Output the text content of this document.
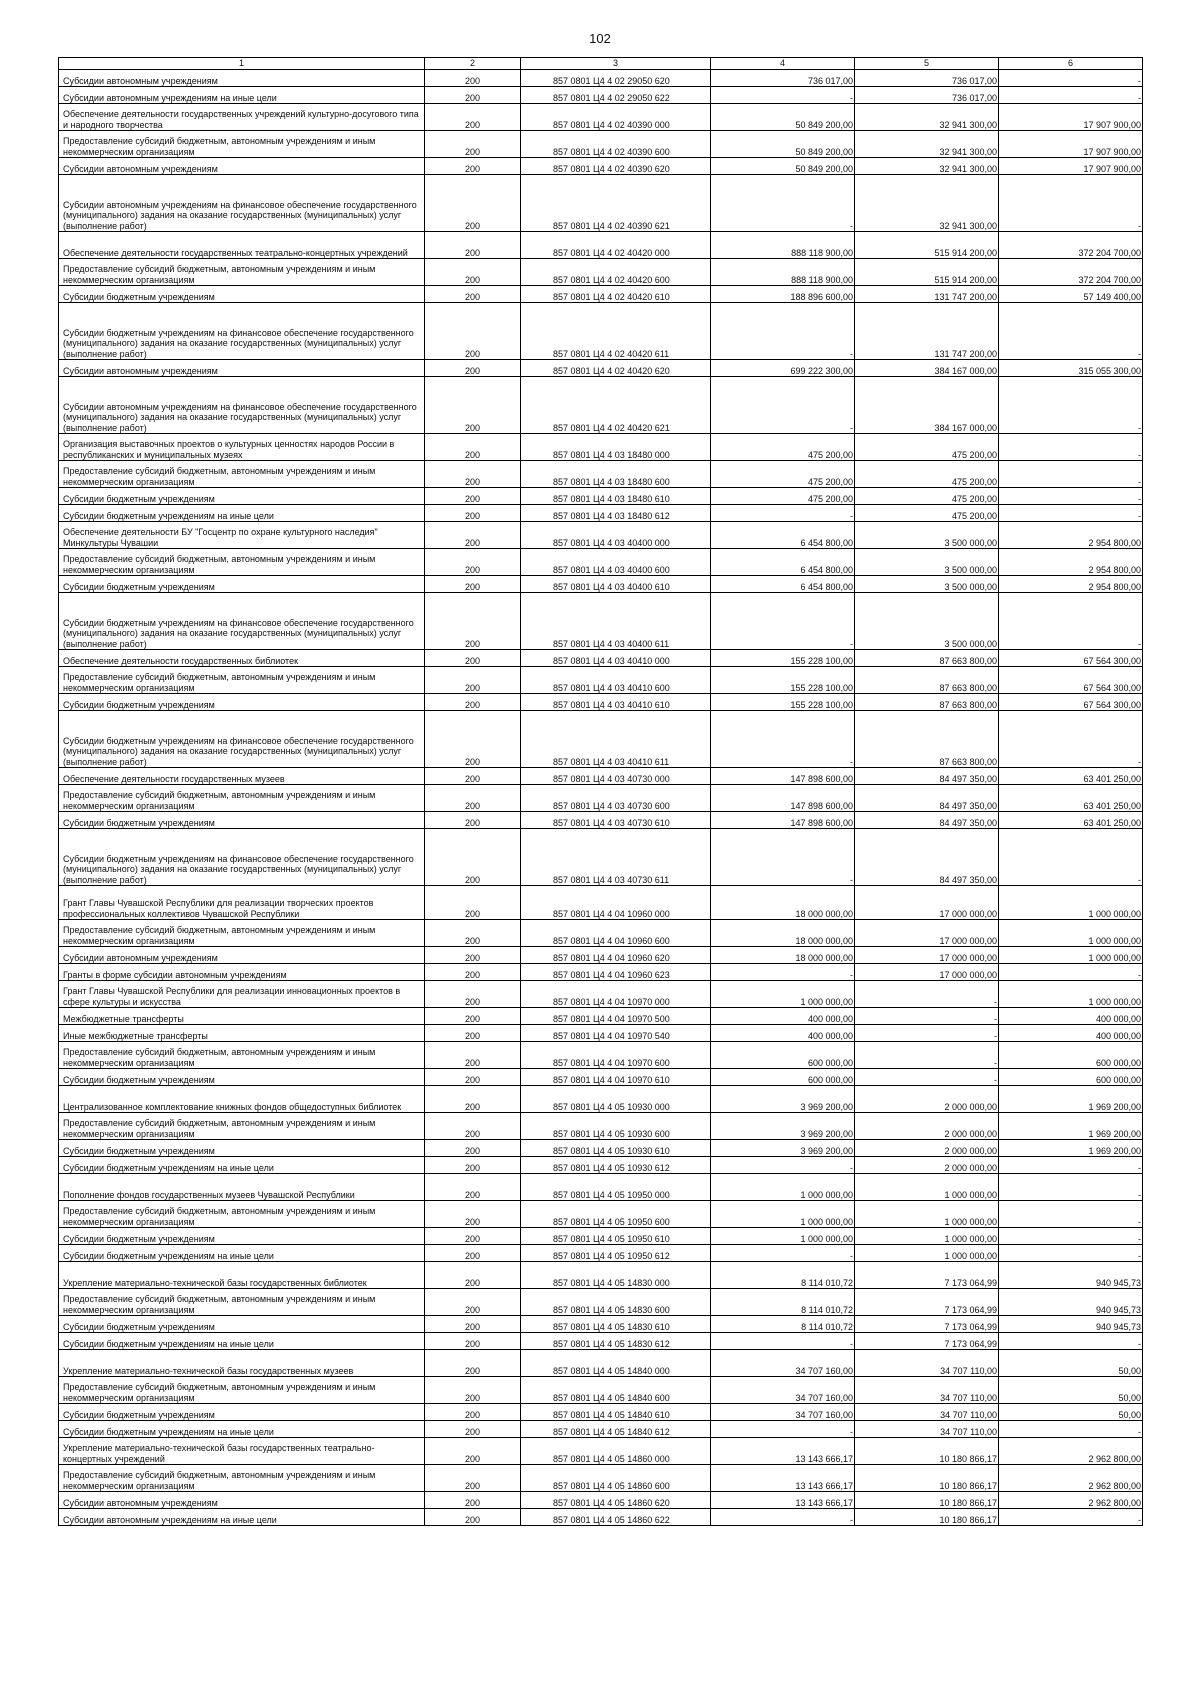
102
1	2	3	4	5	6
Субсидии автономным учреждениям	200	857 0801 Ц4 4 02 29050 620	736 017,00	736 017,00	-
Субсидии автономным учреждениям на иные цели	200	857 0801 Ц4 4 02 29050 622	-	736 017,00	-
Обеспечение деятельности государственных учреждений культурно-досугового типа и народного творчества	200	857 0801 Ц4 4 02 40390 000	50 849 200,00	32 941 300,00	17 907 900,00
Предоставление субсидий бюджетным, автономным учреждениям и иным некоммерческим организациям	200	857 0801 Ц4 4 02 40390 600	50 849 200,00	32 941 300,00	17 907 900,00
Субсидии автономным учреждениям	200	857 0801 Ц4 4 02 40390 620	50 849 200,00	32 941 300,00	17 907 900,00
Субсидии автономным учреждениям на финансовое обеспечение государственного (муниципального) задания на оказание государственных (муниципальных) услуг (выполнение работ)	200	857 0801 Ц4 4 02 40390 621	-	32 941 300,00	-
Обеспечение деятельности государственных театрально-концертных учреждений	200	857 0801 Ц4 4 02 40420 000	888 118 900,00	515 914 200,00	372 204 700,00
Предоставление субсидий бюджетным, автономным учреждениям и иным некоммерческим организациям	200	857 0801 Ц4 4 02 40420 600	888 118 900,00	515 914 200,00	372 204 700,00
Субсидии бюджетным учреждениям	200	857 0801 Ц4 4 02 40420 610	188 896 600,00	131 747 200,00	57 149 400,00
Субсидии бюджетным учреждениям на финансовое обеспечение государственного (муниципального) задания на оказание государственных (муниципальных) услуг (выполнение работ)	200	857 0801 Ц4 4 02 40420 611	-	131 747 200,00	-
Субсидии автономным учреждениям	200	857 0801 Ц4 4 02 40420 620	699 222 300,00	384 167 000,00	315 055 300,00
Субсидии автономным учреждениям на финансовое обеспечение государственного (муниципального) задания на оказание государственных (муниципальных) услуг (выполнение работ)	200	857 0801 Ц4 4 02 40420 621	-	384 167 000,00	-
Организация выставочных проектов о культурных ценностях народов России в республиканских и муниципальных музеях	200	857 0801 Ц4 4 03 18480 000	475 200,00	475 200,00	-
Предоставление субсидий бюджетным, автономным учреждениям и иным некоммерческим организациям	200	857 0801 Ц4 4 03 18480 600	475 200,00	475 200,00	-
Субсидии бюджетным учреждениям	200	857 0801 Ц4 4 03 18480 610	475 200,00	475 200,00	-
Субсидии бюджетным учреждениям на иные цели	200	857 0801 Ц4 4 03 18480 612	-	475 200,00	-
Обеспечение деятельности БУ "Госцентр по охране культурного наследия" Минкультуры Чувашии	200	857 0801 Ц4 4 03 40400 000	6 454 800,00	3 500 000,00	2 954 800,00
Предоставление субсидий бюджетным, автономным учреждениям и иным некоммерческим организациям	200	857 0801 Ц4 4 03 40400 600	6 454 800,00	3 500 000,00	2 954 800,00
Субсидии бюджетным учреждениям	200	857 0801 Ц4 4 03 40400 610	6 454 800,00	3 500 000,00	2 954 800,00
Субсидии бюджетным учреждениям на финансовое обеспечение государственного (муниципального) задания на оказание государственных (муниципальных) услуг (выполнение работ)	200	857 0801 Ц4 4 03 40400 611	-	3 500 000,00	-
Обеспечение деятельности государственных библиотек	200	857 0801 Ц4 4 03 40410 000	155 228 100,00	87 663 800,00	67 564 300,00
Предоставление субсидий бюджетным, автономным учреждениям и иным некоммерческим организациям	200	857 0801 Ц4 4 03 40410 600	155 228 100,00	87 663 800,00	67 564 300,00
Субсидии бюджетным учреждениям	200	857 0801 Ц4 4 03 40410 610	155 228 100,00	87 663 800,00	67 564 300,00
Субсидии бюджетным учреждениям на финансовое обеспечение государственного (муниципального) задания на оказание государственных (муниципальных) услуг (выполнение работ)	200	857 0801 Ц4 4 03 40410 611	-	87 663 800,00	-
Обеспечение деятельности государственных музеев	200	857 0801 Ц4 4 03 40730 000	147 898 600,00	84 497 350,00	63 401 250,00
Предоставление субсидий бюджетным, автономным учреждениям и иным некоммерческим организациям	200	857 0801 Ц4 4 03 40730 600	147 898 600,00	84 497 350,00	63 401 250,00
Субсидии бюджетным учреждениям	200	857 0801 Ц4 4 03 40730 610	147 898 600,00	84 497 350,00	63 401 250,00
Субсидии бюджетным учреждениям на финансовое обеспечение государственного (муниципального) задания на оказание государственных (муниципальных) услуг (выполнение работ)	200	857 0801 Ц4 4 03 40730 611	-	84 497 350,00	-
Грант Главы Чувашской Республики для реализации творческих проектов профессиональных коллективов Чувашской Республики	200	857 0801 Ц4 4 04 10960 000	18 000 000,00	17 000 000,00	1 000 000,00
Предоставление субсидий бюджетным, автономным учреждениям и иным некоммерческим организациям	200	857 0801 Ц4 4 04 10960 600	18 000 000,00	17 000 000,00	1 000 000,00
Субсидии автономным учреждениям	200	857 0801 Ц4 4 04 10960 620	18 000 000,00	17 000 000,00	1 000 000,00
Гранты в форме субсидии автономным учреждениям	200	857 0801 Ц4 4 04 10960 623	-	17 000 000,00	-
Грант Главы Чувашской Республики для реализации инновационных проектов в сфере культуры и искусства	200	857 0801 Ц4 4 04 10970 000	1 000 000,00	-	1 000 000,00
Межбюджетные трансферты	200	857 0801 Ц4 4 04 10970 500	400 000,00	-	400 000,00
Иные межбюджетные трансферты	200	857 0801 Ц4 4 04 10970 540	400 000,00	-	400 000,00
Предоставление субсидий бюджетным, автономным учреждениям и иным некоммерческим организациям	200	857 0801 Ц4 4 04 10970 600	600 000,00	-	600 000,00
Субсидии бюджетным учреждениям	200	857 0801 Ц4 4 04 10970 610	600 000,00	-	600 000,00
Централизованное комплектование книжных фондов общедоступных библиотек	200	857 0801 Ц4 4 05 10930 000	3 969 200,00	2 000 000,00	1 969 200,00
Предоставление субсидий бюджетным, автономным учреждениям и иным некоммерческим организациям	200	857 0801 Ц4 4 05 10930 600	3 969 200,00	2 000 000,00	1 969 200,00
Субсидии бюджетным учреждениям	200	857 0801 Ц4 4 05 10930 610	3 969 200,00	2 000 000,00	1 969 200,00
Субсидии бюджетным учреждениям на иные цели	200	857 0801 Ц4 4 05 10930 612	-	2 000 000,00	-
Пополнение фондов государственных музеев Чувашской Республики	200	857 0801 Ц4 4 05 10950 000	1 000 000,00	1 000 000,00	-
Предоставление субсидий бюджетным, автономным учреждениям и иным некоммерческим организациям	200	857 0801 Ц4 4 05 10950 600	1 000 000,00	1 000 000,00	-
Субсидии бюджетным учреждениям	200	857 0801 Ц4 4 05 10950 610	1 000 000,00	1 000 000,00	-
Субсидии бюджетным учреждениям на иные цели	200	857 0801 Ц4 4 05 10950 612	-	1 000 000,00	-
Укрепление материально-технической базы государственных библиотек	200	857 0801 Ц4 4 05 14830 000	8 114 010,72	7 173 064,99	940 945,73
Предоставление субсидий бюджетным, автономным учреждениям и иным некоммерческим организациям	200	857 0801 Ц4 4 05 14830 600	8 114 010,72	7 173 064,99	940 945,73
Субсидии бюджетным учреждениям	200	857 0801 Ц4 4 05 14830 610	8 114 010,72	7 173 064,99	940 945,73
Субсидии бюджетным учреждениям на иные цели	200	857 0801 Ц4 4 05 14830 612	-	7 173 064,99	-
Укрепление материально-технической базы государственных музеев	200	857 0801 Ц4 4 05 14840 000	34 707 160,00	34 707 110,00	50,00
Предоставление субсидий бюджетным, автономным учреждениям и иным некоммерческим организациям	200	857 0801 Ц4 4 05 14840 600	34 707 160,00	34 707 110,00	50,00
Субсидии бюджетным учреждениям	200	857 0801 Ц4 4 05 14840 610	34 707 160,00	34 707 110,00	50,00
Субсидии бюджетным учреждениям на иные цели	200	857 0801 Ц4 4 05 14840 612	-	34 707 110,00	-
Укрепление материально-технической базы государственных театрально-концертных учреждений	200	857 0801 Ц4 4 05 14860 000	13 143 666,17	10 180 866,17	2 962 800,00
Предоставление субсидий бюджетным, автономным учреждениям и иным некоммерческим организациям	200	857 0801 Ц4 4 05 14860 600	13 143 666,17	10 180 866,17	2 962 800,00
Субсидии автономным учреждениям	200	857 0801 Ц4 4 05 14860 620	13 143 666,17	10 180 866,17	2 962 800,00
Субсидии автономным учреждениям на иные цели	200	857 0801 Ц4 4 05 14860 622	-	10 180 866,17	-
